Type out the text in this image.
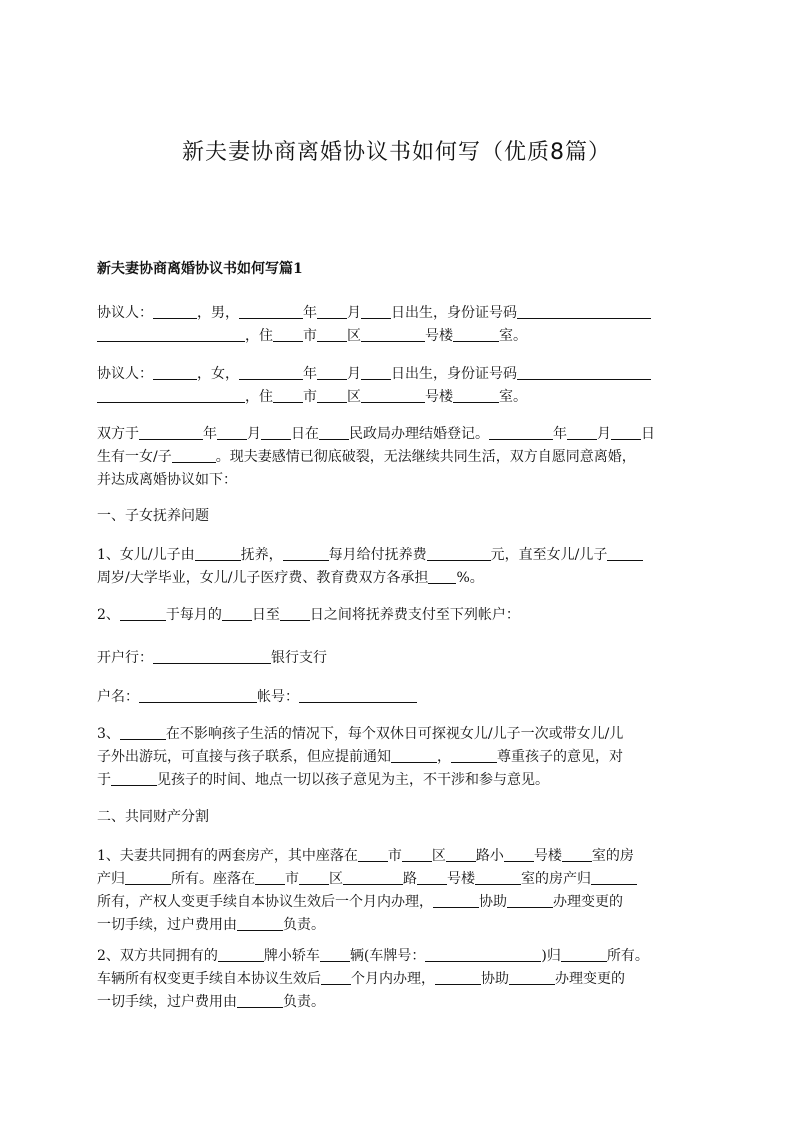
新夫妻协商离婚协议书如何写（优质8篇）
新夫妻协商离婚协议书如何写篇1
协议人：	，男，	年 月 日出生，身份证号码
，住 市 区	号楼	室。
协议人：	，女，	年 月 日出生，身份证号码
，住 市 区	号楼	室。
双方于	年 月 日在 民政局办理结婚登记。	年 月 日
生有一女/子	。现夫妻感情已彻底破裂，无法继续共同生活，双方自愿同意离婚，
并达成离婚协议如下：
一、子女抚养问题
1、女儿/儿子由	抚养，	每月给付抚养费	元，直至女儿/儿子
周岁/大学毕业，女儿/儿子医疗费、教育费双方各承担 %。
2、	于每月的 日至 日之间将抚养费支付至下列帐户：
开户行：	银行支行
户名：	帐号：
3、	在不影响孩子生活的情况下，每个双休日可探视女儿/儿子一次或带女儿/儿
子外出游玩，可直接与孩子联系，但应提前通知	，	尊重孩子的意见，对
于	见孩子的时间、地点一切以孩子意见为主，不干涉和参与意见。
二、共同财产分割
1、夫妻共同拥有的两套房产，其中座落在 市 区 路小 号楼 室的房
产归	所有。座落在 市 区	路 号楼	室的房产归
所有，产权人变更手续自本协议生效后一个月内办理，	协助	办理变更的
一切手续，过户费用由	负责。
2、双方共同拥有的	牌小轿车 辆(车牌号：	)归	所有。
车辆所有权变更手续自本协议生效后 个月内办理，	协助	办理变更的
一切手续，过户费用由	负责。
